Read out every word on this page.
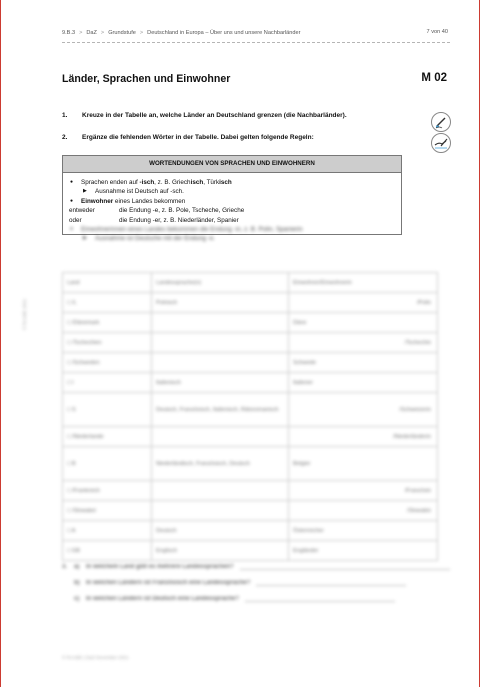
9.B.3 > DaZ > Grundstufe > Deutschland in Europa – Über uns und unsere Nachbarländer	7 von 40
Länder, Sprachen und Einwohner	M 02
1.	Kreuze in der Tabelle an, welche Länder an Deutschland grenzen (die Nachbarländer).
2.	Ergänze die fehlenden Wörter in der Tabelle. Dabei gelten folgende Regeln:
WORTENDUNGEN VON SPRACHEN UND EINWOHNERN
● Sprachen enden auf -isch, z. B. Griechisch, Türkisch
▶ Ausnahme ist Deutsch auf -sch.
● Einwohner eines Landes bekommen
entweder	die Endung -e, z. B. Pole, Tscheche, Grieche
oder	die Endung -er, z. B. Niederländer, Spanier
● Einwohnerinnen eines Landes bekommen die Endung -in, z. B. Polin, Spanierin
▶ Ausnahme ist Deutsche mit der Endung -e.
Land	Landessprache(n)	Einwohner/Einwohnerin
□ /L	Polnisch	/Polin

□ /Dänemark		Däne

□ /Tschechien		/Tschechin

□ /Schweden		Schwede

□ I	Italienisch	Italiener

□ S	Deutsch, Französisch, Italienisch, Rätoromanisch	/Schweizerin

□ /Niederlande		/Niederländerin

□ B	Niederländisch, Französisch, Deutsch	Belgier

□ /Frankreich		/Französin

□ /Slowakei		/Slowakin

□ A	Deutsch	Österreicher

□ GB	Englisch	Engländer
3.	a)	In welchem Land gibt es mehrere Landessprachen?
b)	In welchen Ländern ist Französisch eine Landessprache?
c)	In welchen Ländern ist Deutsch eine Landessprache?
© RAABE 2021
© RAABE | DaZ November 2021
